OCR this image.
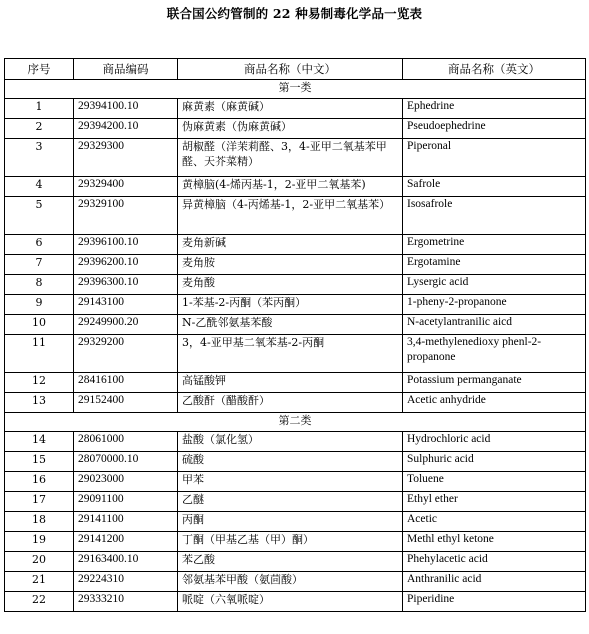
联合国公约管制的 22 种易制毒化学品一览表
序号	商品编码	商品名称（中文）	商品名称（英文）
第一类			
1	29394100.10	麻黄素（麻黄碱）	Ephedrine
2	29394200.10	伪麻黄素（伪麻黄碱）	Pseudoephedrine
3	29329300	胡椒醛（洋茉莉醛、3，4-亚甲二氧基苯甲醛、天芥菜精）	Piperonal
4	29329400	黄樟脑(4-烯丙基-1，2-亚甲二氧基苯)	Safrole
5	29329100	异黄樟脑（4-丙烯基-1，2-亚甲二氧基苯）	Isosafrole
6	29396100.10	麦角新碱	Ergometrine
7	29396200.10	麦角胺	Ergotamine
8	29396300.10	麦角酸	Lysergic acid
9	29143100	1-苯基-2-丙酮（苯丙酮）	1-pheny-2-propanone
10	29249900.20	N-乙酰邻氨基苯酸	N-acetylantranilic aicd
11	29329200	3，4-亚甲基二氧苯基-2-丙酮	3,4-methylenedioxy phenl-2-propanone
12	28416100	高锰酸钾	Potassium permanganate
13	29152400	乙酸酐（醋酸酐）	Acetic anhydride
第二类			
14	28061000	盐酸（氯化氢）	Hydrochloric acid
15	28070000.10	硫酸	Sulphuric acid
16	29023000	甲苯	Toluene
17	29091100	乙醚	Ethyl ether
18	29141100	丙酮	Acetic
19	29141200	丁酮（甲基乙基（甲）酮）	Methl ethyl ketone
20	29163400.10	苯乙酸	Phehylacetic acid
21	29224310	邻氨基苯甲酸（氨茴酸）	Anthranilic acid
22	29333210	哌啶（六氧哌啶）	Piperidine
